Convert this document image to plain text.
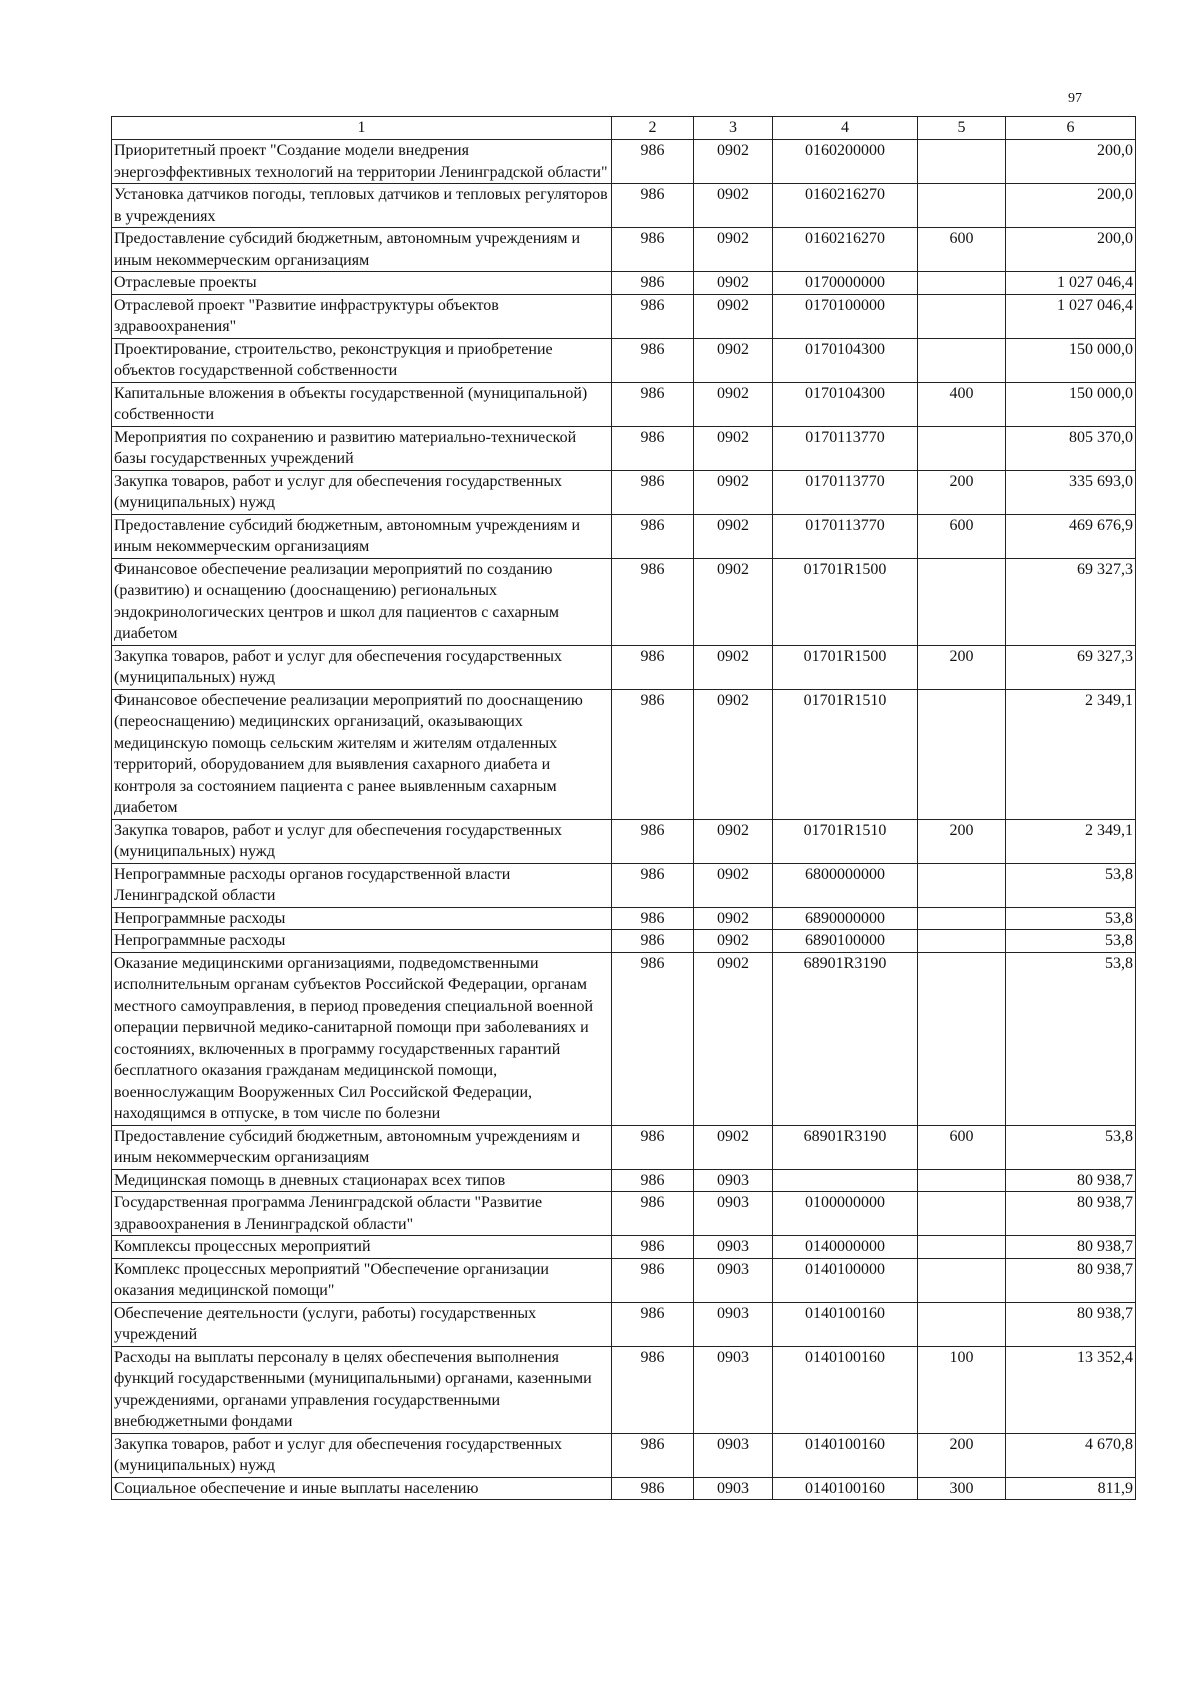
97
1	2	3	4	5	6
Приоритетный проект "Создание модели внедрения энергоэффективных технологий на территории Ленинградской области"	986	0902	0160200000		200,0
Установка датчиков погоды, тепловых датчиков и тепловых регуляторов в учреждениях	986	0902	0160216270		200,0
Предоставление субсидий бюджетным, автономным учреждениям и иным некоммерческим организациям	986	0902	0160216270	600	200,0
Отраслевые проекты	986	0902	0170000000		1 027 046,4
Отраслевой проект "Развитие инфраструктуры объектов здравоохранения"	986	0902	0170100000		1 027 046,4
Проектирование, строительство, реконструкция и приобретение объектов государственной собственности	986	0902	0170104300		150 000,0
Капитальные вложения в объекты государственной (муниципальной) собственности	986	0902	0170104300	400	150 000,0
Мероприятия по сохранению и развитию материально-технической базы государственных учреждений	986	0902	0170113770		805 370,0
Закупка товаров, работ и услуг для обеспечения государственных (муниципальных) нужд	986	0902	0170113770	200	335 693,0
Предоставление субсидий бюджетным, автономным учреждениям и иным некоммерческим организациям	986	0902	0170113770	600	469 676,9
Финансовое обеспечение реализации мероприятий по созданию (развитию) и оснащению (дооснащению) региональных эндокринологических центров и школ для пациентов с сахарным диабетом	986	0902	01701R1500		69 327,3
Закупка товаров, работ и услуг для обеспечения государственных (муниципальных) нужд	986	0902	01701R1500	200	69 327,3
Финансовое обеспечение реализации мероприятий по дооснащению (переоснащению) медицинских организаций, оказывающих медицинскую помощь сельским жителям и жителям отдаленных территорий, оборудованием для выявления сахарного диабета и контроля за состоянием пациента с ранее выявленным сахарным диабетом	986	0902	01701R1510		2 349,1
Закупка товаров, работ и услуг для обеспечения государственных (муниципальных) нужд	986	0902	01701R1510	200	2 349,1
Непрограммные расходы органов государственной власти Ленинградской области	986	0902	6800000000		53,8
Непрограммные расходы	986	0902	6890000000		53,8
Непрограммные расходы	986	0902	6890100000		53,8
Оказание медицинскими организациями, подведомственными исполнительным органам субъектов Российской Федерации, органам местного самоуправления, в период проведения специальной военной операции первичной медико-санитарной помощи при заболеваниях и состояниях, включенных в программу государственных гарантий бесплатного оказания гражданам медицинской помощи, военнослужащим Вооруженных Сил Российской Федерации, находящимся в отпуске, в том числе по болезни	986	0902	68901R3190		53,8
Предоставление субсидий бюджетным, автономным учреждениям и иным некоммерческим организациям	986	0902	68901R3190	600	53,8
Медицинская помощь в дневных стационарах всех типов	986	0903			80 938,7
Государственная программа Ленинградской области "Развитие здравоохранения в Ленинградской области"	986	0903	0100000000		80 938,7
Комплексы процессных мероприятий	986	0903	0140000000		80 938,7
Комплекс процессных мероприятий "Обеспечение организации оказания медицинской помощи"	986	0903	0140100000		80 938,7
Обеспечение деятельности (услуги, работы) государственных учреждений	986	0903	0140100160		80 938,7
Расходы на выплаты персоналу в целях обеспечения выполнения функций государственными (муниципальными) органами, казенными учреждениями, органами управления государственными внебюджетными фондами	986	0903	0140100160	100	13 352,4
Закупка товаров, работ и услуг для обеспечения государственных (муниципальных) нужд	986	0903	0140100160	200	4 670,8
Социальное обеспечение и иные выплаты населению	986	0903	0140100160	300	811,9
